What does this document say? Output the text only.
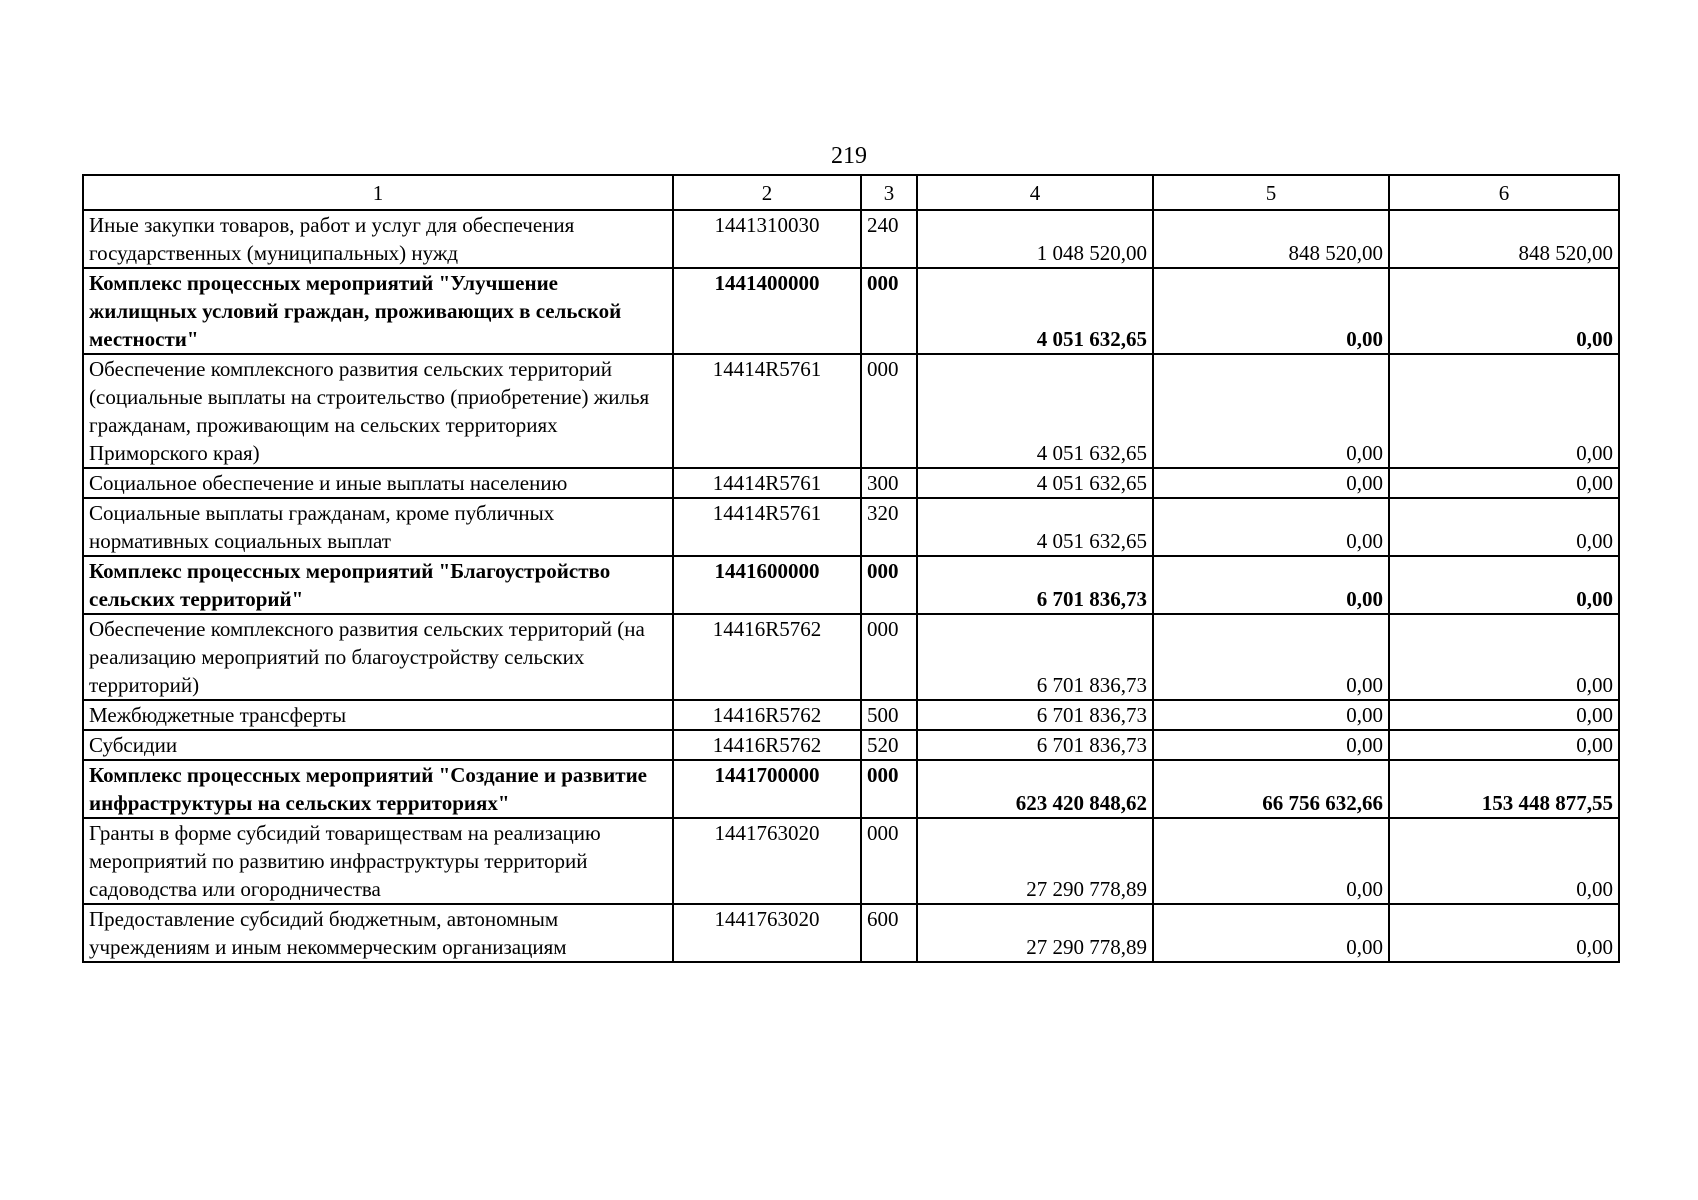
219
1	2	3	4	5	6
Иные закупки товаров, работ и услуг для обеспечения государственных (муниципальных) нужд	1441310030	240	1 048 520,00	848 520,00	848 520,00
Комплекс процессных мероприятий "Улучшение жилищных условий граждан, проживающих в сельской местности"	1441400000	000	4 051 632,65	0,00	0,00
Обеспечение комплексного развития сельских территорий (социальные выплаты на строительство (приобретение) жилья гражданам, проживающим на сельских территориях Приморского края)	14414R5761	000	4 051 632,65	0,00	0,00
Социальное обеспечение и иные выплаты населению	14414R5761	300	4 051 632,65	0,00	0,00
Социальные выплаты гражданам, кроме публичных нормативных социальных выплат	14414R5761	320	4 051 632,65	0,00	0,00
Комплекс процессных мероприятий "Благоустройство сельских территорий"	1441600000	000	6 701 836,73	0,00	0,00
Обеспечение комплексного развития сельских территорий (на реализацию мероприятий по благоустройству сельских территорий)	14416R5762	000	6 701 836,73	0,00	0,00
Межбюджетные трансферты	14416R5762	500	6 701 836,73	0,00	0,00
Субсидии	14416R5762	520	6 701 836,73	0,00	0,00
Комплекс процессных мероприятий "Создание и развитие инфраструктуры на сельских территориях"	1441700000	000	623 420 848,62	66 756 632,66	153 448 877,55
Гранты в форме субсидий товариществам на реализацию мероприятий по развитию инфраструктуры территорий садоводства или огородничества	1441763020	000	27 290 778,89	0,00	0,00
Предоставление субсидий бюджетным, автономным учреждениям и иным некоммерческим организациям	1441763020	600	27 290 778,89	0,00	0,00
